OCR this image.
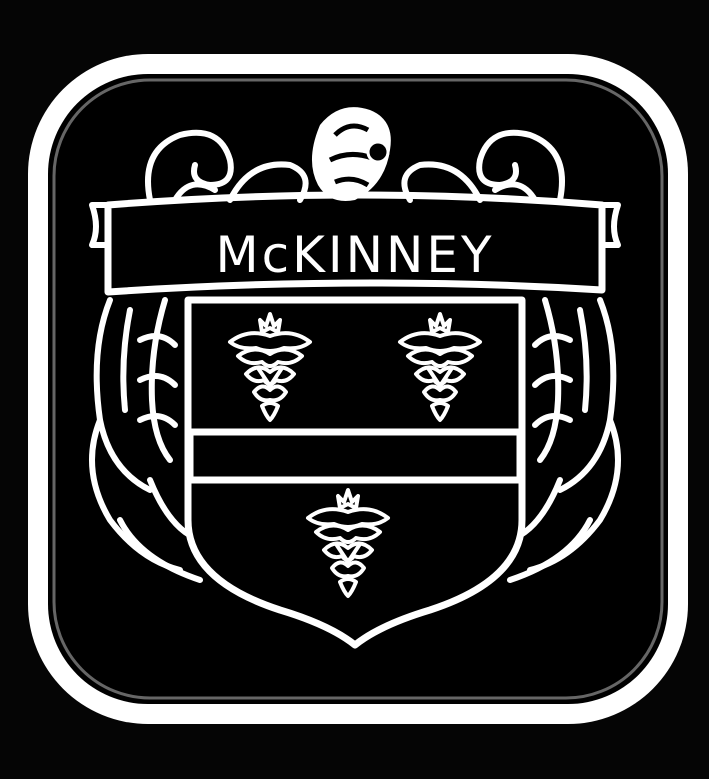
McKINNEY
